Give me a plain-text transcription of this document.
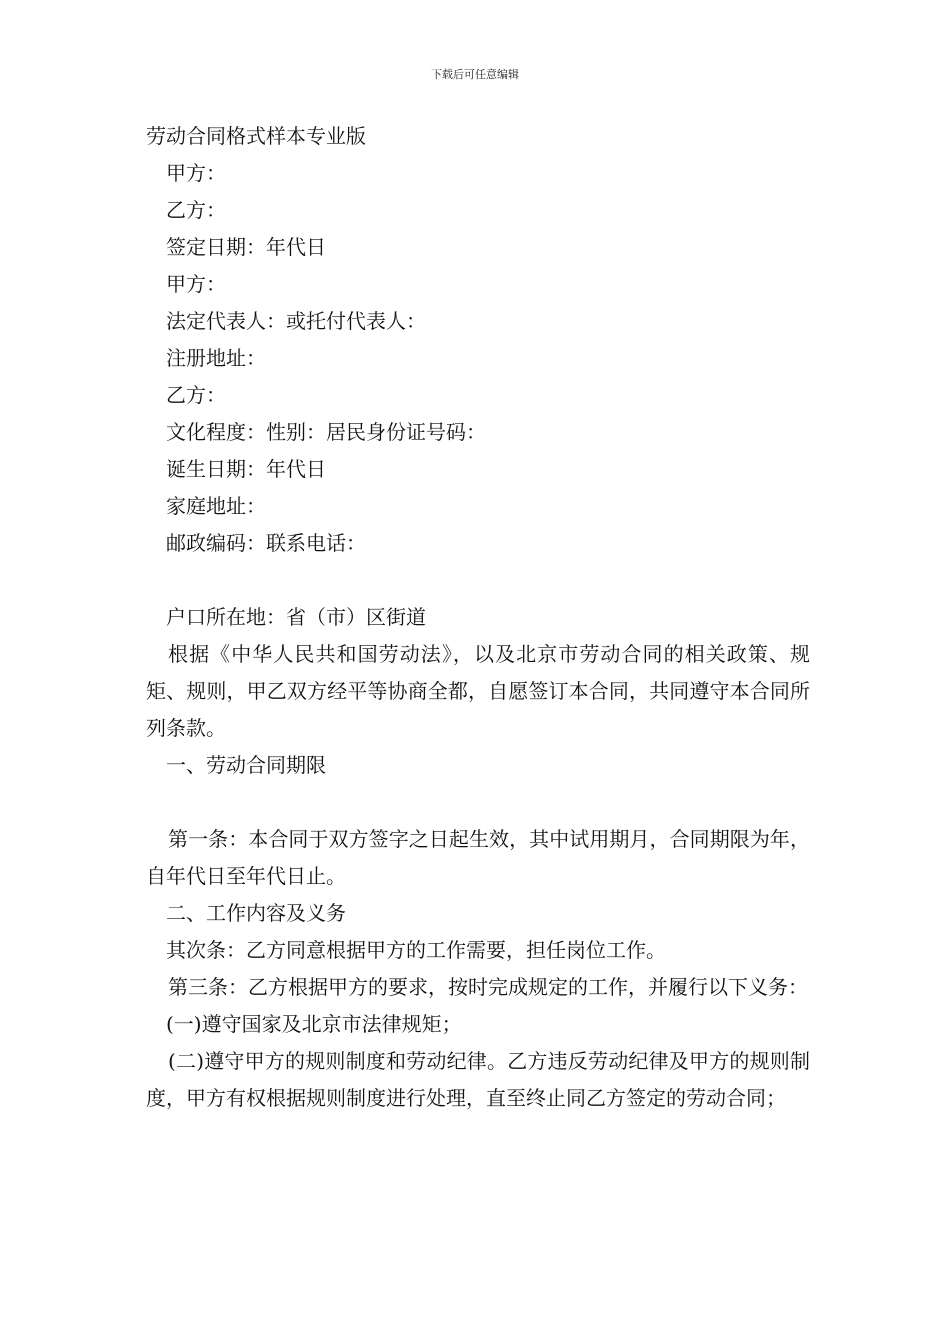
下载后可任意编辑
劳动合同格式样本专业版
甲方：
乙方：
签定日期：年代日
甲方：
法定代表人：或托付代表人：
注册地址：
乙方：
文化程度：性别：居民身份证号码：
诞生日期：年代日
家庭地址：
邮政编码：联系电话：
户口所在地：省（市）区街道
根据《中华人民共和国劳动法》，以及北京市劳动合同的相关政策、规矩、规则，甲乙双方经平等协商全都，自愿签订本合同，共同遵守本合同所列条款。
一、劳动合同期限
第一条：本合同于双方签字之日起生效，其中试用期月，合同期限为年，自年代日至年代日止。
二、工作内容及义务
其次条：乙方同意根据甲方的工作需要，担任岗位工作。
第三条：乙方根据甲方的要求，按时完成规定的工作，并履行以下义务：
(一)遵守国家及北京市法律规矩；
(二)遵守甲方的规则制度和劳动纪律。乙方违反劳动纪律及甲方的规则制度，甲方有权根据规则制度进行处理，直至终止同乙方签定的劳动合同；
